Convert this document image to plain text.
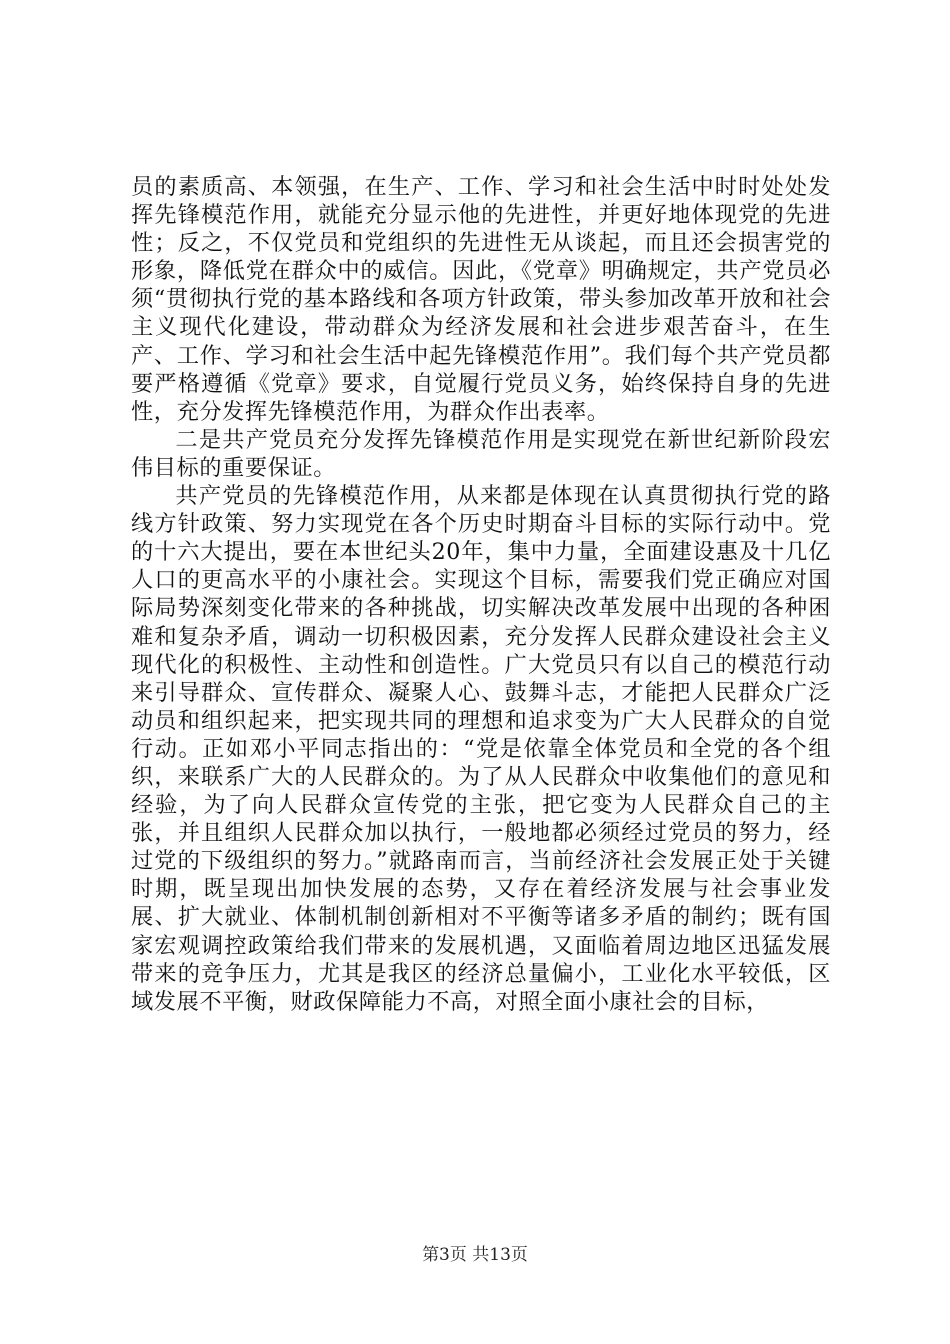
员的素质高、本领强，在生产、工作、学习和社会生活中时时处处发挥先锋模范作用，就能充分显示他的先进性，并更好地体现党的先进性；反之，不仅党员和党组织的先进性无从谈起，而且还会损害党的形象，降低党在群众中的威信。因此，《党章》明确规定，共产党员必须“贯彻执行党的基本路线和各项方针政策，带头参加改革开放和社会主义现代化建设，带动群众为经济发展和社会进步艰苦奋斗，在生产、工作、学习和社会生活中起先锋模范作用”。我们每个共产党员都要严格遵循《党章》要求，自觉履行党员义务，始终保持自身的先进性，充分发挥先锋模范作用，为群众作出表率。

二是共产党员充分发挥先锋模范作用是实现党在新世纪新阶段宏伟目标的重要保证。

共产党员的先锋模范作用，从来都是体现在认真贯彻执行党的路线方针政策、努力实现党在各个历史时期奋斗目标的实际行动中。党的十六大提出，要在本世纪头20年，集中力量，全面建设惠及十几亿人口的更高水平的小康社会。实现这个目标，需要我们党正确应对国际局势深刻变化带来的各种挑战，切实解决改革发展中出现的各种困难和复杂矛盾，调动一切积极因素，充分发挥人民群众建设社会主义现代化的积极性、主动性和创造性。广大党员只有以自己的模范行动来引导群众、宣传群众、凝聚人心、鼓舞斗志，才能把人民群众广泛动员和组织起来，把实现共同的理想和追求变为广大人民群众的自觉行动。正如邓小平同志指出的：“党是依靠全体党员和全党的各个组织，来联系广大的人民群众的。为了从人民群众中收集他们的意见和经验，为了向人民群众宣传党的主张，把它变为人民群众自己的主张，并且组织人民群众加以执行，一般地都必须经过党员的努力，经过党的下级组织的努力。”就路南而言，当前经济社会发展正处于关键时期，既呈现出加快发展的态势，又存在着经济发展与社会事业发展、扩大就业、体制机制创新相对不平衡等诸多矛盾的制约；既有国家宏观调控政策给我们带来的发展机遇，又面临着周边地区迅猛发展带来的竞争压力，尤其是我区的经济总量偏小，工业化水平较低，区域发展不平衡，财政保障能力不高，对照全面小康社会的目标，

第3页 共13页
